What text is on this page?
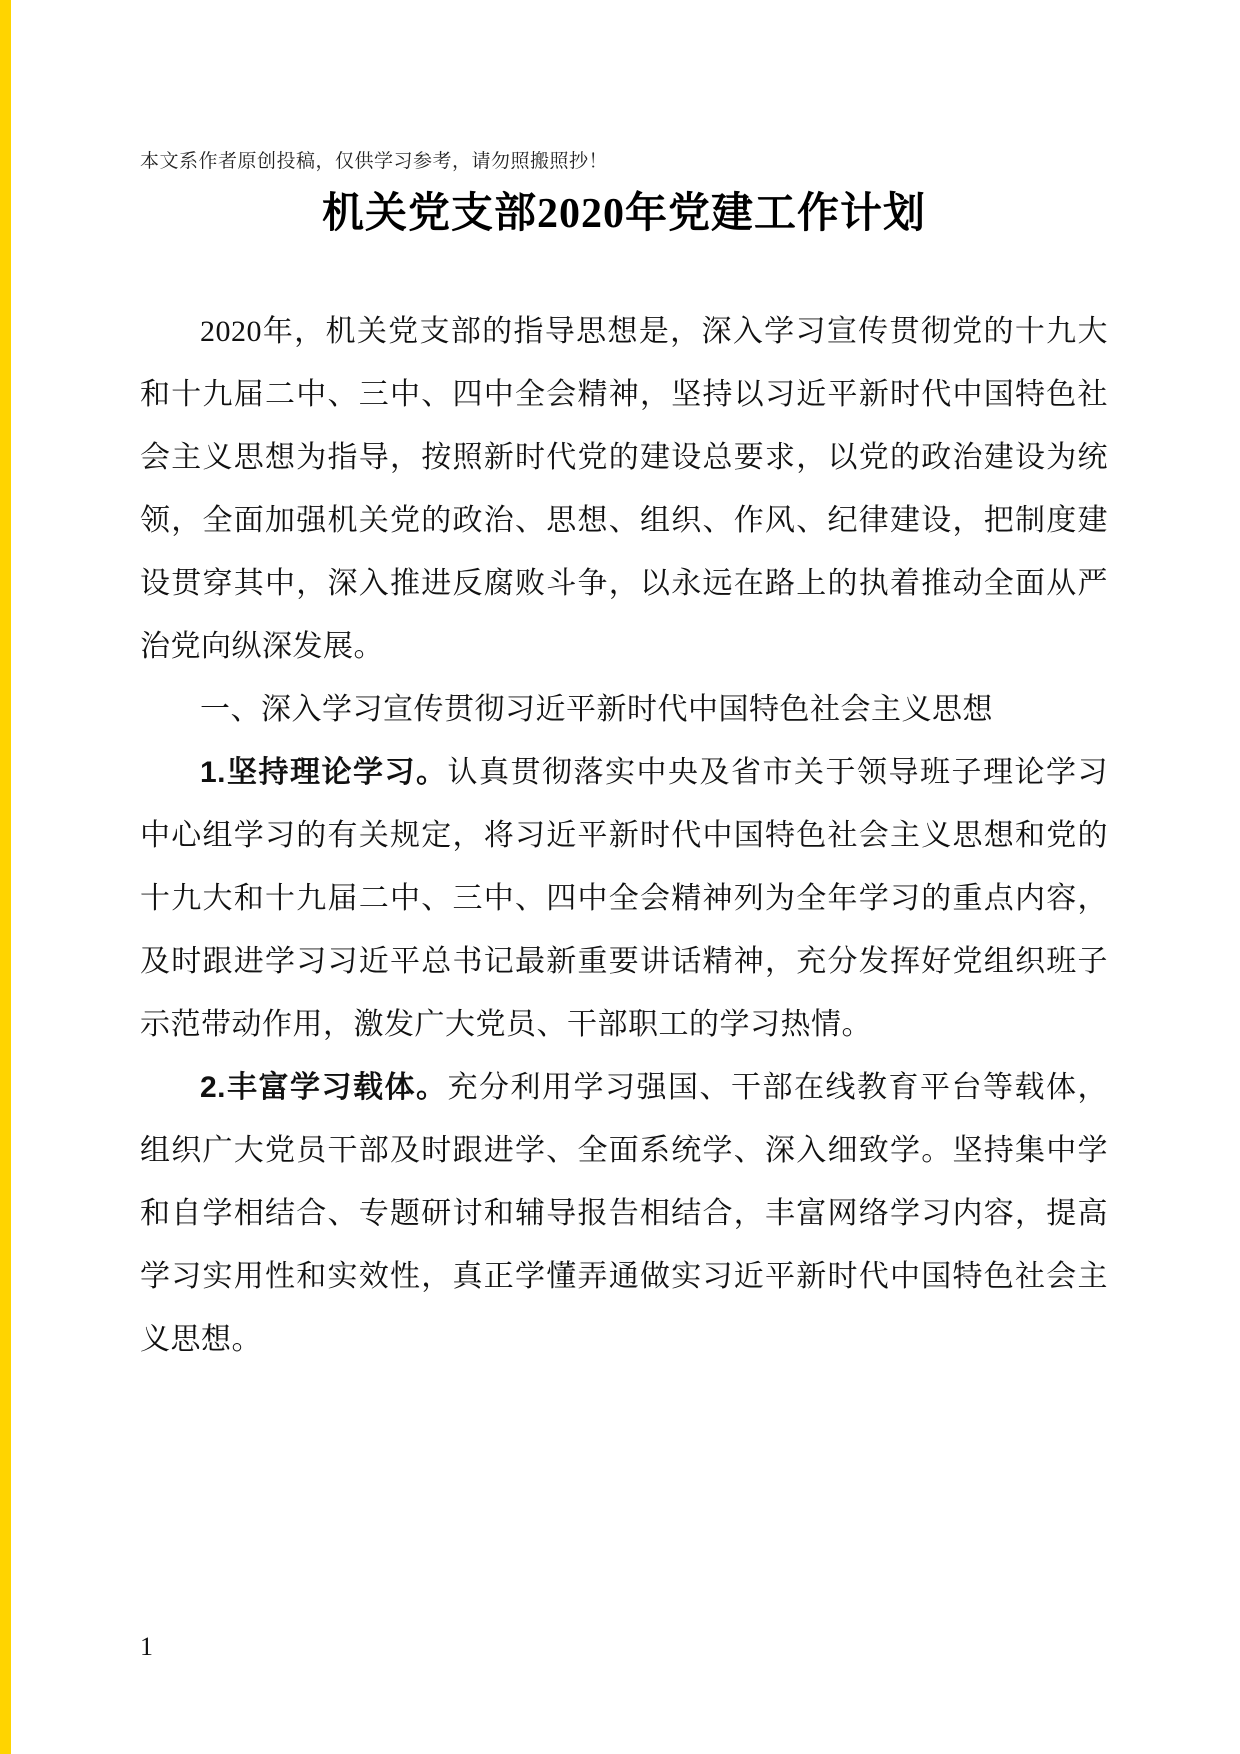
本文系作者原创投稿，仅供学习参考，请勿照搬照抄！

机关党支部2020年党建工作计划

2020年，机关党支部的指导思想是，深入学习宣传贯彻党的十九大和十九届二中、三中、四中全会精神，坚持以习近平新时代中国特色社会主义思想为指导，按照新时代党的建设总要求，以党的政治建设为统领，全面加强机关党的政治、思想、组织、作风、纪律建设，把制度建设贯穿其中，深入推进反腐败斗争，以永远在路上的执着推动全面从严治党向纵深发展。

一、深入学习宣传贯彻习近平新时代中国特色社会主义思想

1.坚持理论学习。认真贯彻落实中央及省市关于领导班子理论学习中心组学习的有关规定，将习近平新时代中国特色社会主义思想和党的十九大和十九届二中、三中、四中全会精神列为全年学习的重点内容，及时跟进学习习近平总书记最新重要讲话精神，充分发挥好党组织班子示范带动作用，激发广大党员、干部职工的学习热情。

2.丰富学习载体。充分利用学习强国、干部在线教育平台等载体，组织广大党员干部及时跟进学、全面系统学、深入细致学。坚持集中学和自学相结合、专题研讨和辅导报告相结合，丰富网络学习内容，提高学习实用性和实效性，真正学懂弄通做实习近平新时代中国特色社会主义思想。

1
